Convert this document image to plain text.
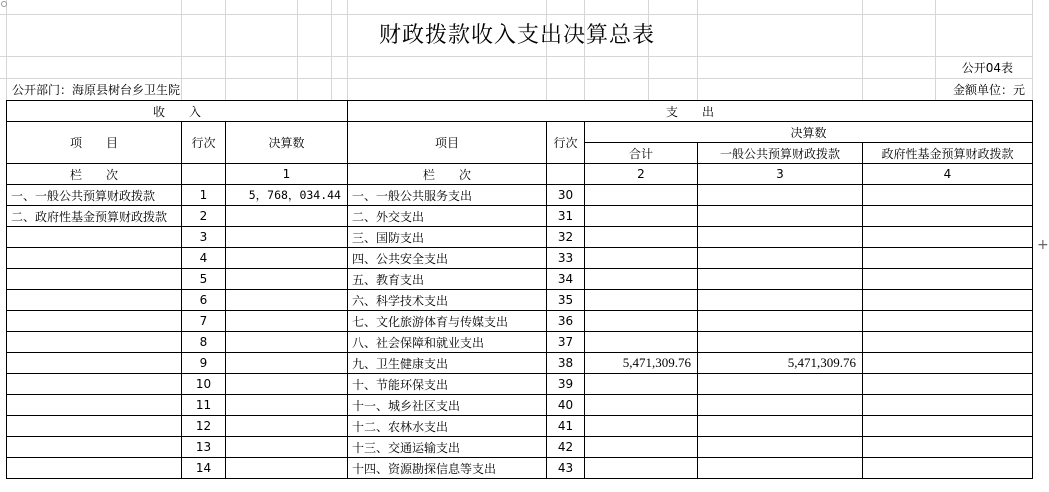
财政拨款收入支出决算总表
公开04表
公开部门：海原县树台乡卫生院	金额单位：元
收　　入			支　　出				
项　　目	行次	决算数	项目	行次	决算数		
					合计	一般公共预算财政拨款	政府性基金预算财政拨款
栏　　次		1	栏　　次		2	3	4
一、一般公共预算财政拨款	1	5，768，034.44	一、一般公共服务支出	30			
二、政府性基金预算财政拨款	2		二、外交支出	31			
	3		三、国防支出	32			
	4		四、公共安全支出	33			
	5		五、教育支出	34			
	6		六、科学技术支出	35			
	7		七、文化旅游体育与传媒支出	36			
	8		八、社会保障和就业支出	37			
	9		九、卫生健康支出	38	5,471,309.76	5,471,309.76	
	10		十、节能环保支出	39			
	11		十一、城乡社区支出	40			
	12		十二、农林水支出	41			
	13		十三、交通运输支出	42			
	14		十四、资源勘探信息等支出	43			
+
